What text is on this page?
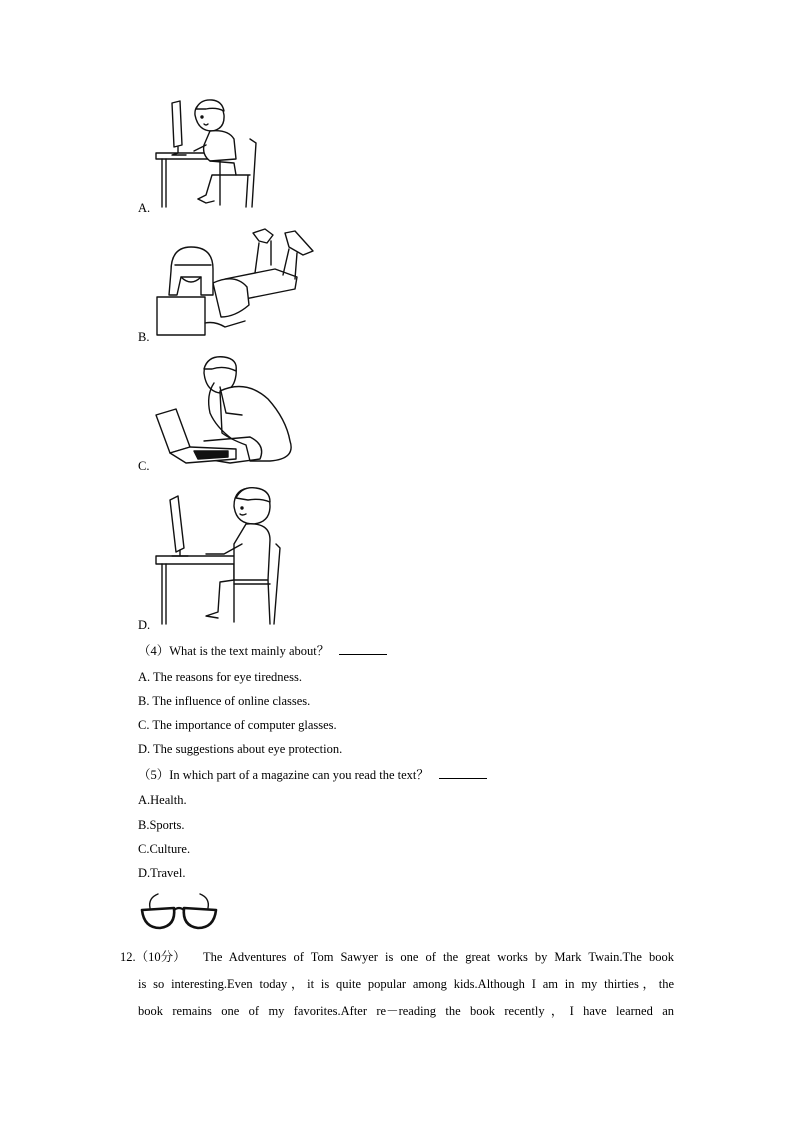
A.
B.
C.
D.
（4）What is the text mainly about？
A. The reasons for eye tiredness.
B. The influence of online classes.
C. The importance of computer glasses.
D. The suggestions about eye protection.
（5）In which part of a magazine can you read the text？
A.Health.
B.Sports.
C.Culture.
D.Travel.
12.（10分） The Adventures of Tom Sawyer is one of the great works by Mark Twain.The book
is so interesting.Even today，it is quite popular among kids.Although I am in my thirties，the
book remains one of my favorites.After re－reading the book recently，I have learned an
